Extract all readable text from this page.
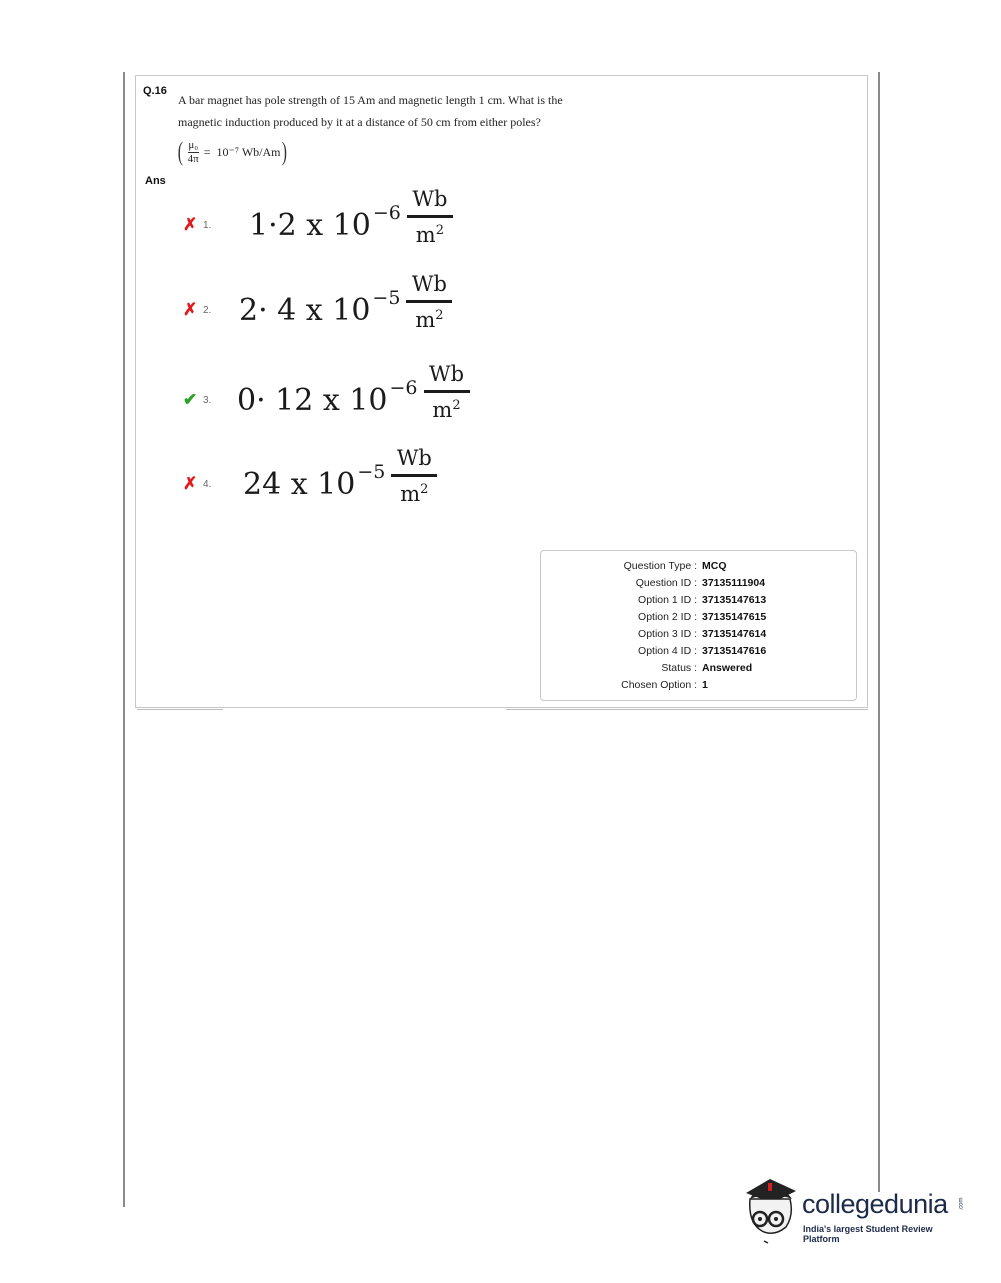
Q.16
A bar magnet has pole strength of 15 Am and magnetic length 1 cm. What is the
magnetic induction produced by it at a distance of 50 cm from either poles?
( $\frac{\text{μ₀}}{4\pi} = 10^{-7}$ Wb/Am )
Ans
✗ 1.	1·2 x $10^{-6}$
Wb
$m^2$
✗ 2. 2· 4 x $10^{-5}$
Wb
$m^2$
✔ 3. 0· 12 x $10^{-6}$
Wb
$m^2$
✗ 4.	24 x $10^{-5}$
Wb
$m^2$
Question Type : MCQ
Question ID : 37135111904
Option 1 ID : 37135147613
Option 2 ID : 37135147615
Option 3 ID : 37135147614
Option 4 ID : 37135147616
Status : Answered
Chosen Option : 1
collegedunia .com
India's largest Student Review Platform
